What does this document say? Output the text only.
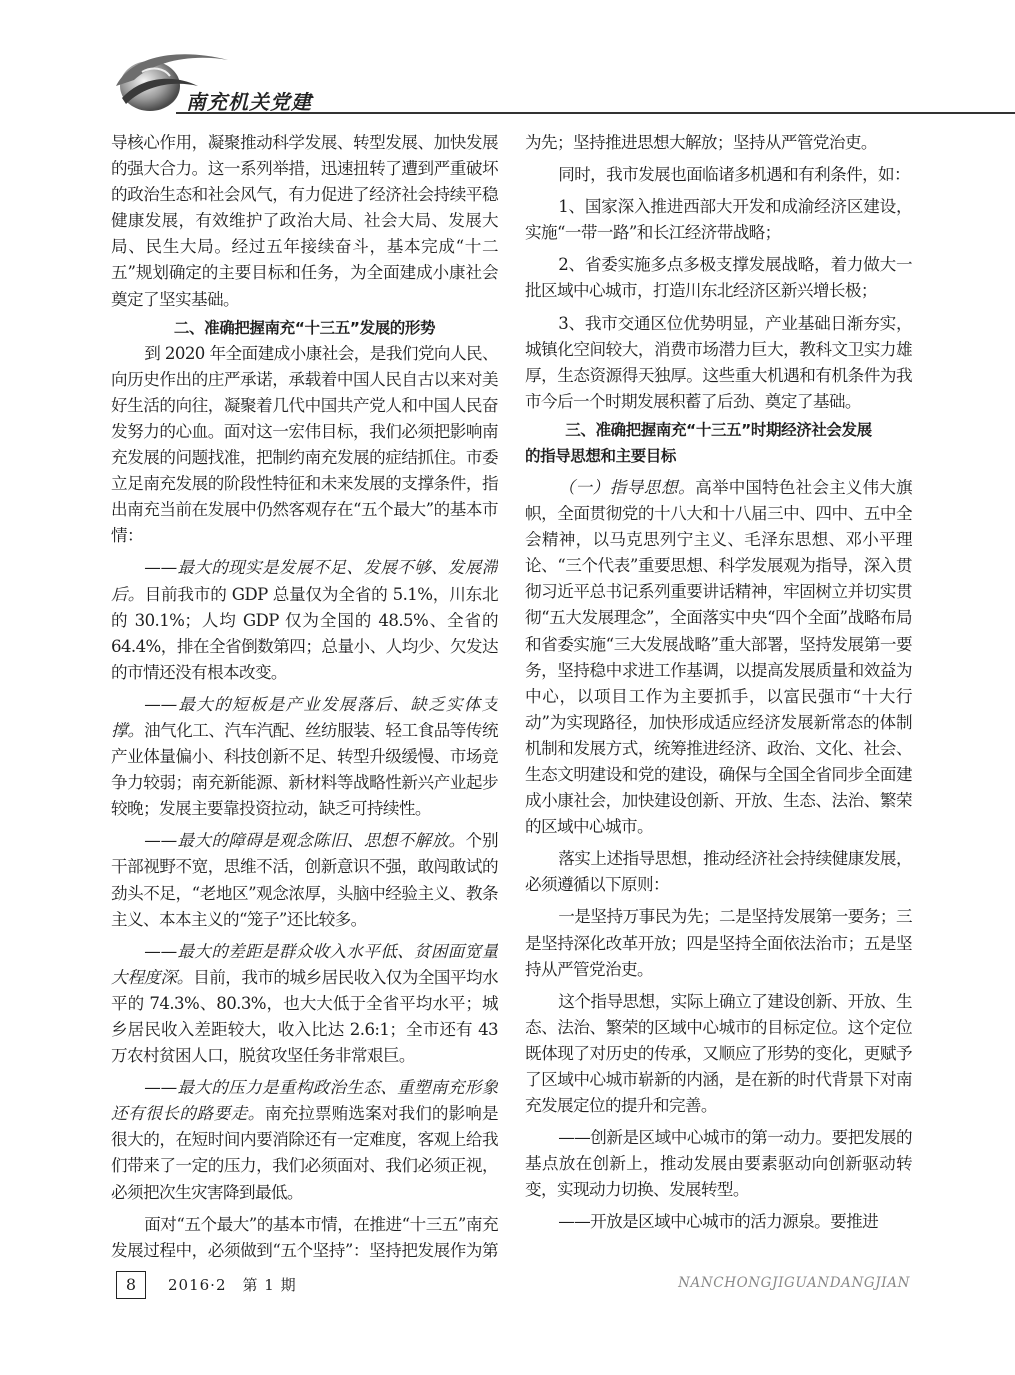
南充机关党建

导核心作用，凝聚推动科学发展、转型发展、加快发展的强大合力。这一系列举措，迅速扭转了遭到严重破坏的政治生态和社会风气，有力促进了经济社会持续平稳健康发展，有效维护了政治大局、社会大局、发展大局、民生大局。经过五年接续奋斗，基本完成“十二五”规划确定的主要目标和任务，为全面建成小康社会奠定了坚实基础。

二、准确把握南充“十三五”发展的形势

到 2020 年全面建成小康社会，是我们党向人民、向历史作出的庄严承诺，承载着中国人民自古以来对美好生活的向往，凝聚着几代中国共产党人和中国人民奋发努力的心血。面对这一宏伟目标，我们必须把影响南充发展的问题找准，把制约南充发展的症结抓住。市委立足南充发展的阶段性特征和未来发展的支撑条件，指出南充当前在发展中仍然客观存在“五个最大”的基本市情：

——最大的现实是发展不足、发展不够、发展滞后。目前我市的 GDP 总量仅为全省的 5.1%，川东北的 30.1%；人均 GDP 仅为全国的 48.5%、全省的 64.4%，排在全省倒数第四；总量小、人均少、欠发达的市情还没有根本改变。

——最大的短板是产业发展落后、缺乏实体支撑。油气化工、汽车汽配、丝纺服装、轻工食品等传统产业体量偏小、科技创新不足、转型升级缓慢、市场竞争力较弱；南充新能源、新材料等战略性新兴产业起步较晚；发展主要靠投资拉动，缺乏可持续性。

——最大的障碍是观念陈旧、思想不解放。个别干部视野不宽，思维不活，创新意识不强，敢闯敢试的劲头不足，“老地区”观念浓厚，头脑中经验主义、教条主义、本本主义的“笼子”还比较多。

——最大的差距是群众收入水平低、贫困面宽量大程度深。目前，我市的城乡居民收入仅为全国平均水平的 74.3%、80.3%，也大大低于全省平均水平；城乡居民收入差距较大，收入比达 2.6:1；全市还有 43 万农村贫困人口，脱贫攻坚任务非常艰巨。

——最大的压力是重构政治生态、重塑南充形象还有很长的路要走。南充拉票贿选案对我们的影响是很大的，在短时间内要消除还有一定难度，客观上给我们带来了一定的压力，我们必须面对、我们必须正视，必须把次生灾害降到最低。

面对“五个最大”的基本市情，在推进“十三五”南充发展过程中，必须做到“五个坚持”：坚持把发展作为第

为先；坚持推进思想大解放；坚持从严管党治吏。

同时，我市发展也面临诸多机遇和有利条件，如：

1、国家深入推进西部大开发和成渝经济区建设，实施“一带一路”和长江经济带战略；

2、省委实施多点多极支撑发展战略，着力做大一批区域中心城市，打造川东北经济区新兴增长极；

3、我市交通区位优势明显，产业基础日渐夯实，城镇化空间较大，消费市场潜力巨大，教科文卫实力雄厚，生态资源得天独厚。这些重大机遇和有机条件为我市今后一个时期发展积蓄了后劲、奠定了基础。

三、准确把握南充“十三五”时期经济社会发展
的指导思想和主要目标

（一）指导思想。高举中国特色社会主义伟大旗帜，全面贯彻党的十八大和十八届三中、四中、五中全会精神，以马克思列宁主义、毛泽东思想、邓小平理论、“三个代表”重要思想、科学发展观为指导，深入贯彻习近平总书记系列重要讲话精神，牢固树立并切实贯彻“五大发展理念”，全面落实中央“四个全面”战略布局和省委实施“三大发展战略”重大部署，坚持发展第一要务，坚持稳中求进工作基调，以提高发展质量和效益为中心，以项目工作为主要抓手，以富民强市“十大行动”为实现路径，加快形成适应经济发展新常态的体制机制和发展方式，统筹推进经济、政治、文化、社会、生态文明建设和党的建设，确保与全国全省同步全面建成小康社会，加快建设创新、开放、生态、法治、繁荣的区域中心城市。

落实上述指导思想，推动经济社会持续健康发展，必须遵循以下原则：

一是坚持万事民为先；二是坚持发展第一要务；三是坚持深化改革开放；四是坚持全面依法治市；五是坚持从严管党治吏。

这个指导思想，实际上确立了建设创新、开放、生态、法治、繁荣的区域中心城市的目标定位。这个定位既体现了对历史的传承，又顺应了形势的变化，更赋予了区域中心城市崭新的内涵，是在新的时代背景下对南充发展定位的提升和完善。

——创新是区域中心城市的第一动力。要把发展的基点放在创新上，推动发展由要素驱动向创新驱动转变，实现动力切换、发展转型。

——开放是区域中心城市的活力源泉。要推进

8	2016·2　第 1 期	NANCHONGJIGUANDANGJIAN
